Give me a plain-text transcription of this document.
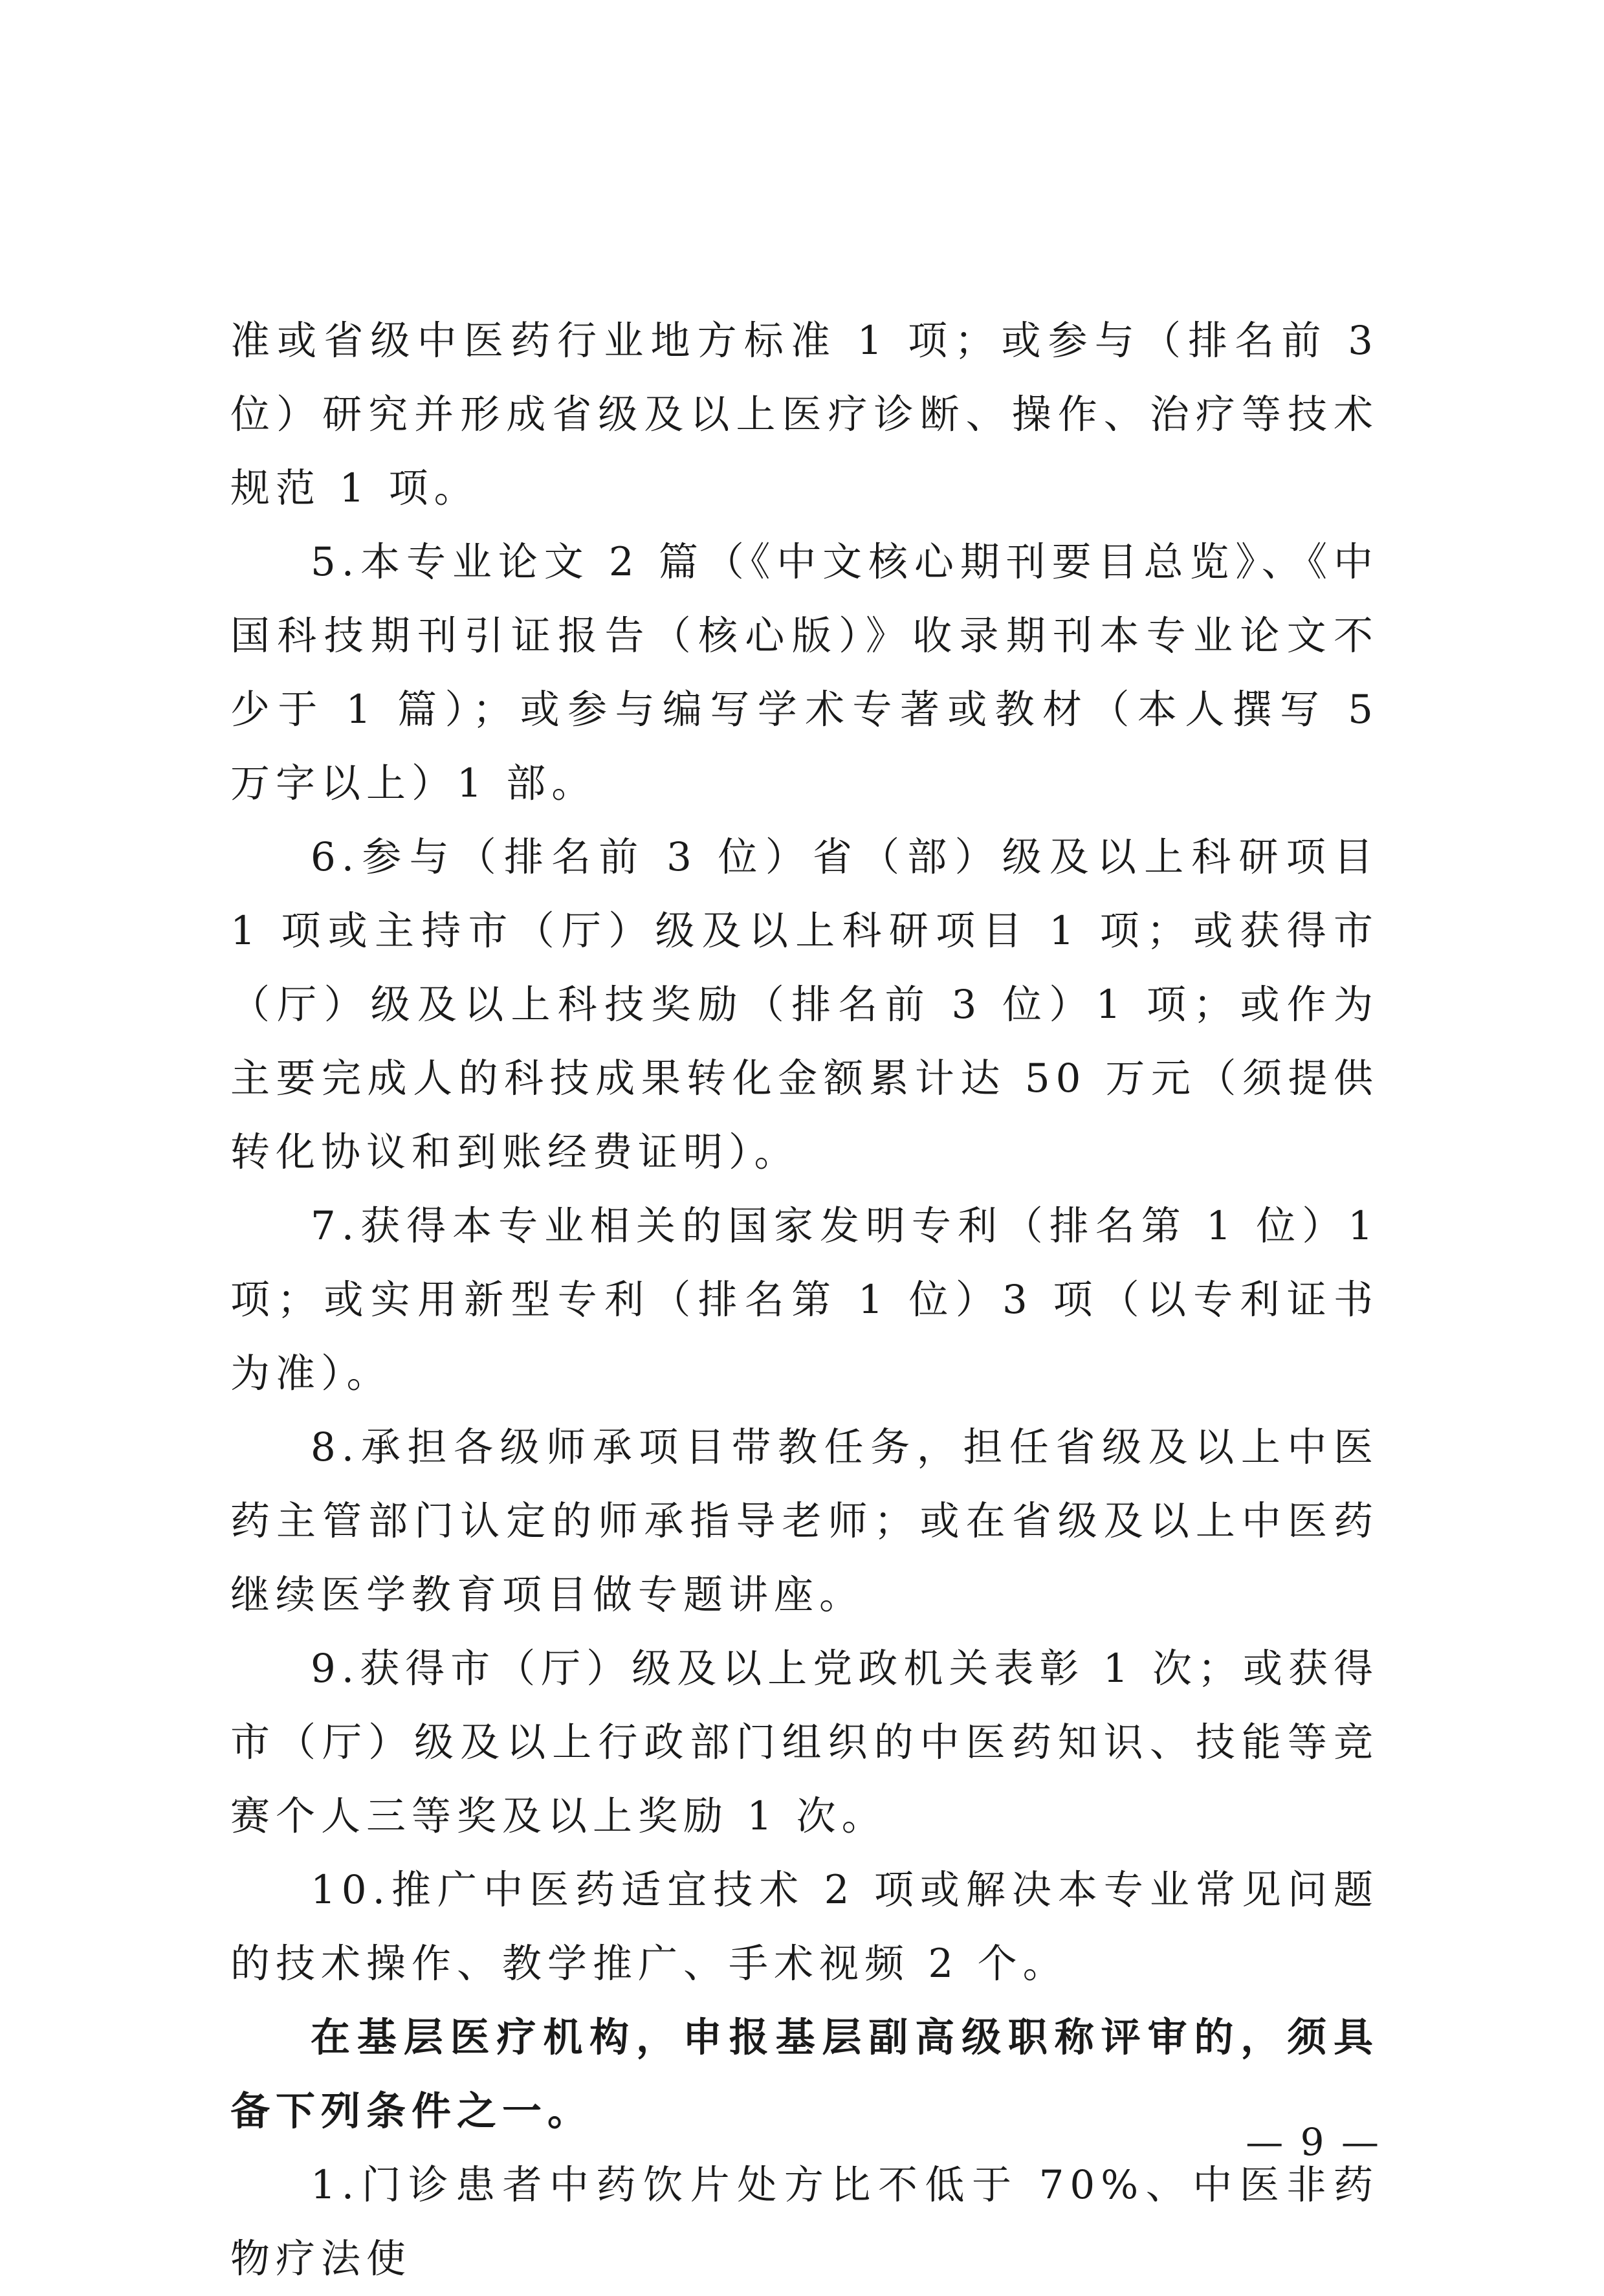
准或省级中医药行业地方标准 1 项；或参与（排名前 3 位）研究并形成省级及以上医疗诊断、操作、治疗等技术规范 1 项。

5.本专业论文 2 篇（《中文核心期刊要目总览》、《中国科技期刊引证报告（核心版）》收录期刊本专业论文不少于 1 篇）；或参与编写学术专著或教材（本人撰写 5 万字以上）1 部。

6.参与（排名前 3 位）省（部）级及以上科研项目 1 项或主持市（厅）级及以上科研项目 1 项；或获得市（厅）级及以上科技奖励（排名前 3 位）1 项；或作为主要完成人的科技成果转化金额累计达 50 万元（须提供转化协议和到账经费证明）。

7.获得本专业相关的国家发明专利（排名第 1 位）1 项；或实用新型专利（排名第 1 位）3 项（以专利证书为准）。

8.承担各级师承项目带教任务，担任省级及以上中医药主管部门认定的师承指导老师；或在省级及以上中医药继续医学教育项目做专题讲座。

9.获得市（厅）级及以上党政机关表彰 1 次；或获得市（厅）级及以上行政部门组织的中医药知识、技能等竞赛个人三等奖及以上奖励 1 次。

10.推广中医药适宜技术 2 项或解决本专业常见问题的技术操作、教学推广、手术视频 2 个。

在基层医疗机构，申报基层副高级职称评审的，须具备下列条件之一。

1.门诊患者中药饮片处方比不低于 70%、中医非药物疗法使

— 9 —
